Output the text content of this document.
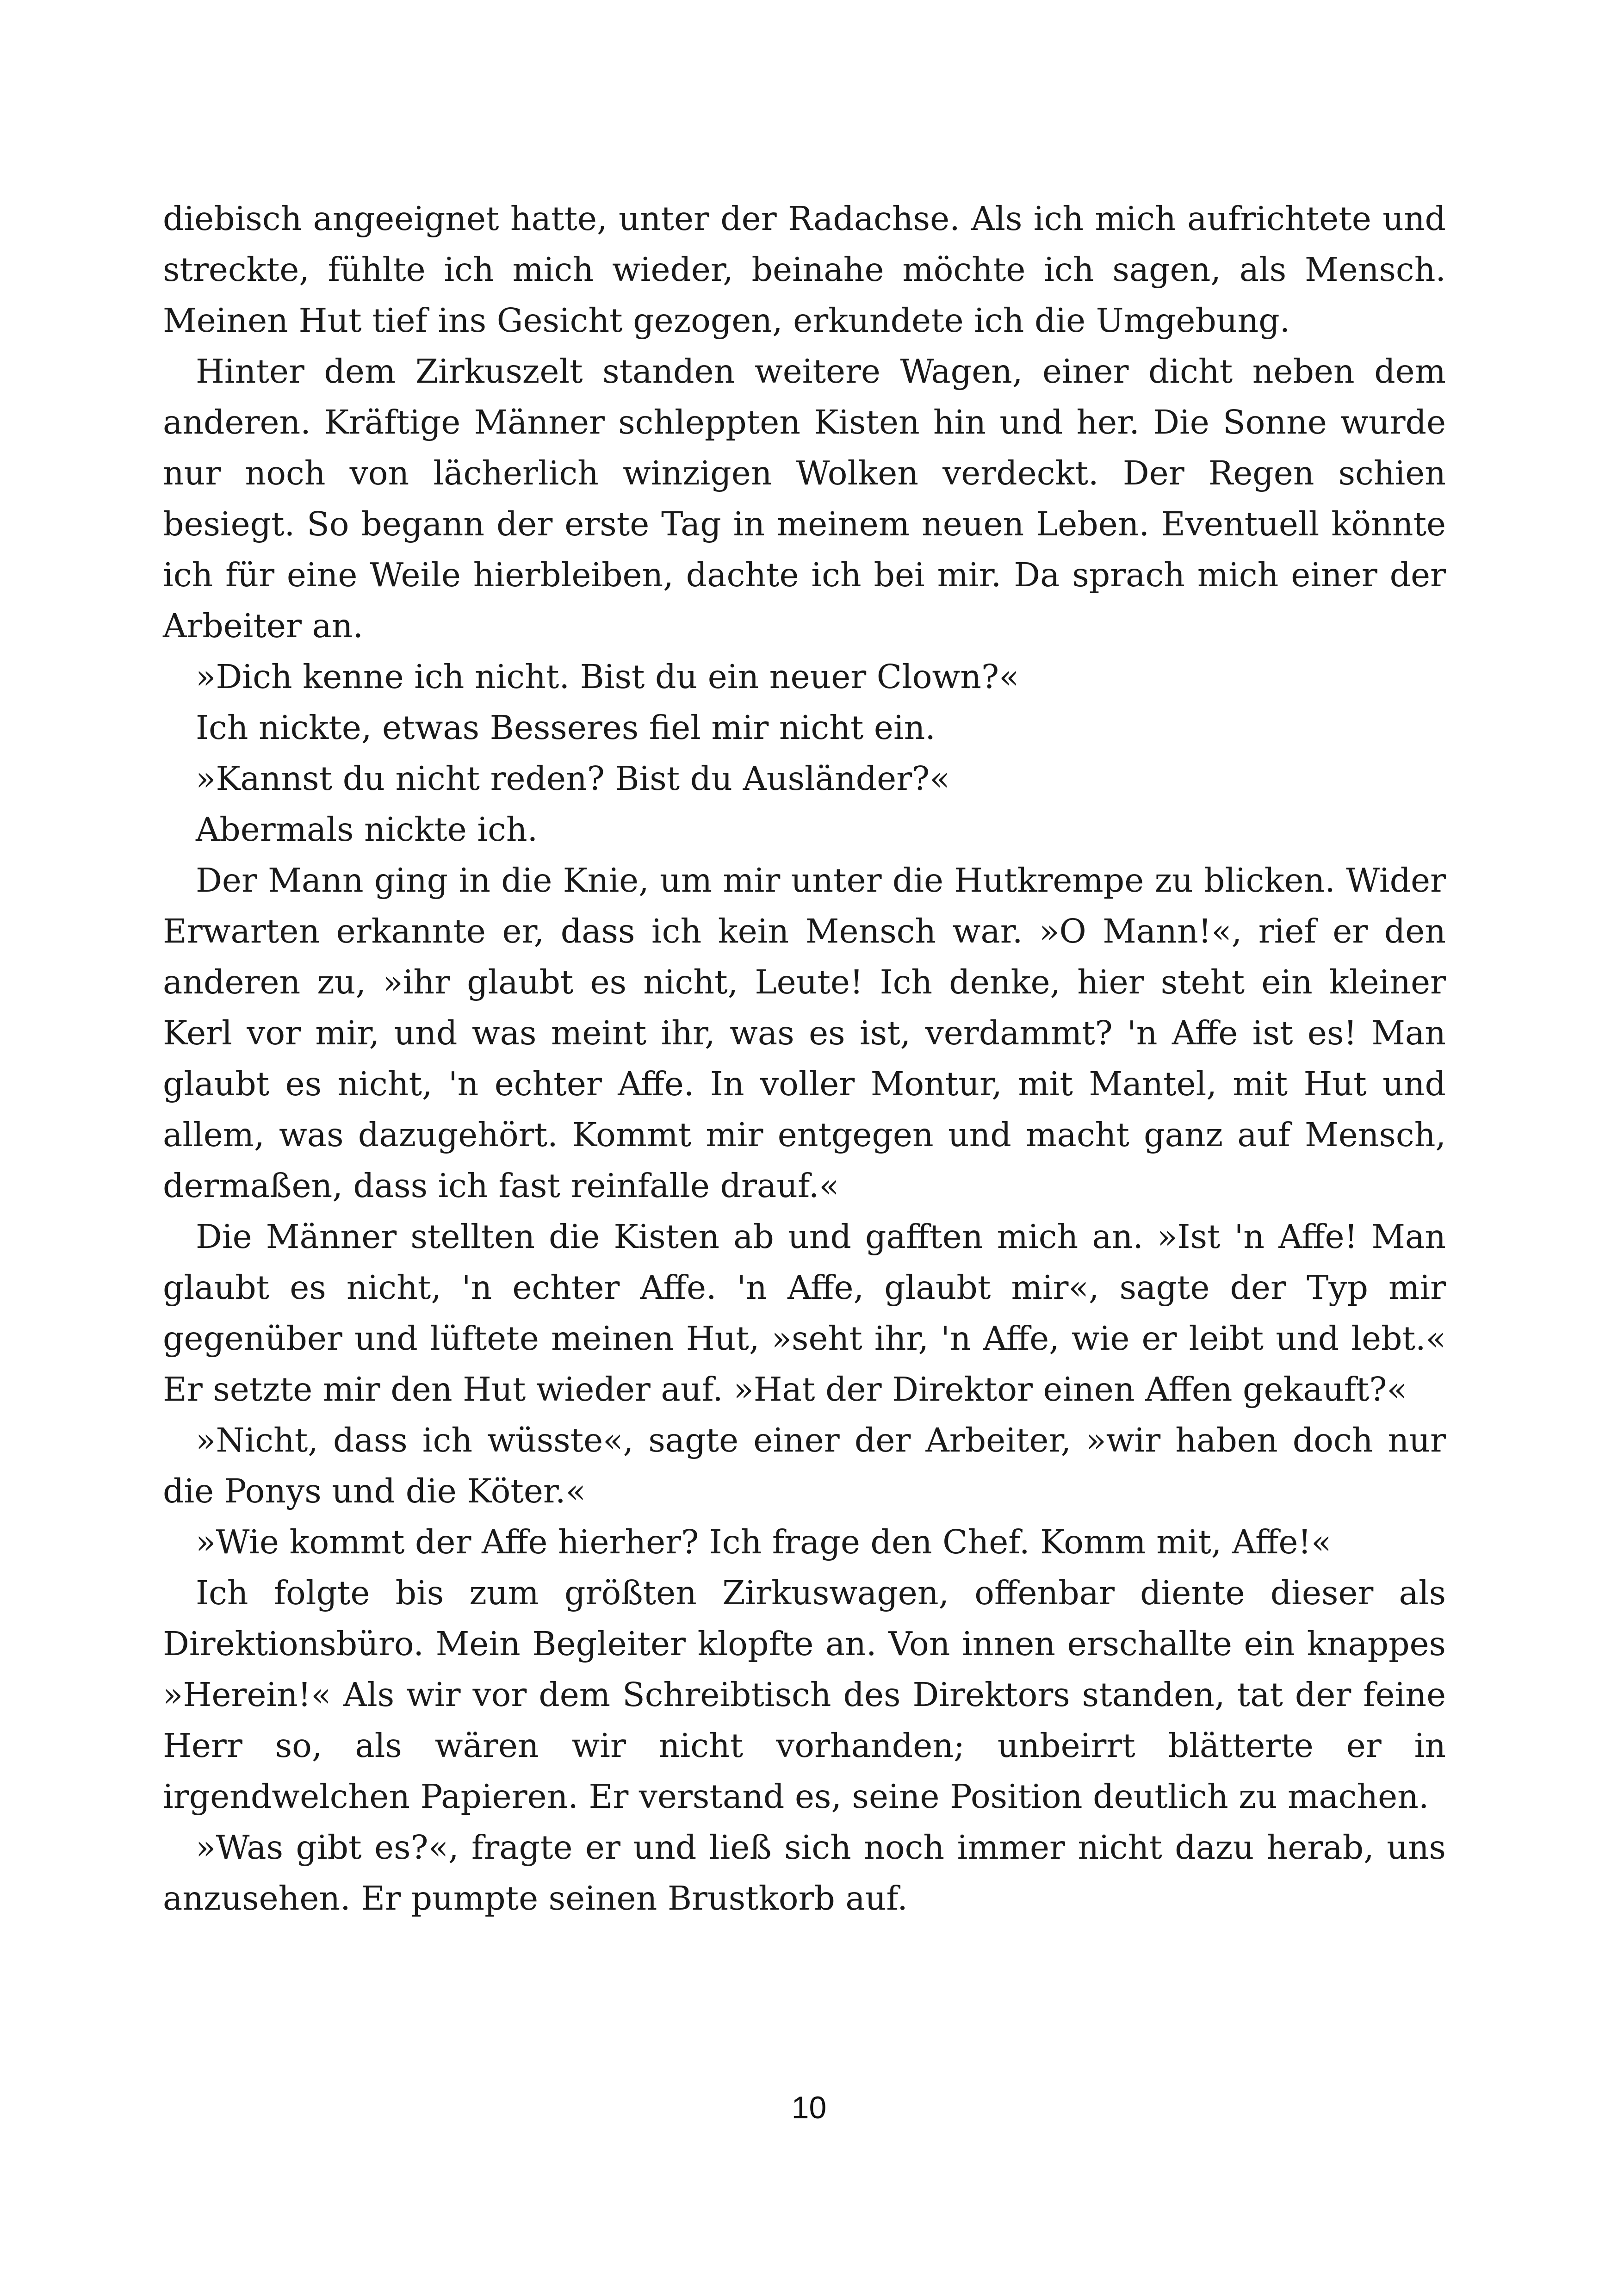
diebisch angeeignet hatte, unter der Radachse. Als ich mich aufrichtete und streckte, fühlte ich mich wieder, beinahe möchte ich sagen, als Mensch. Meinen Hut tief ins Gesicht gezogen, erkundete ich die Umgebung.

Hinter dem Zirkuszelt standen weitere Wagen, einer dicht neben dem anderen. Kräftige Männer schleppten Kisten hin und her. Die Sonne wurde nur noch von lächerlich winzigen Wolken verdeckt. Der Regen schien besiegt. So begann der erste Tag in meinem neuen Leben. Eventuell könnte ich für eine Weile hierbleiben, dachte ich bei mir. Da sprach mich einer der Arbeiter an.

»Dich kenne ich nicht. Bist du ein neuer Clown?«

Ich nickte, etwas Besseres fiel mir nicht ein.

»Kannst du nicht reden? Bist du Ausländer?«

Abermals nickte ich.

Der Mann ging in die Knie, um mir unter die Hutkrempe zu blicken. Wider Erwarten erkannte er, dass ich kein Mensch war. »O Mann!«, rief er den anderen zu, »ihr glaubt es nicht, Leute! Ich denke, hier steht ein kleiner Kerl vor mir, und was meint ihr, was es ist, verdammt? 'n Affe ist es! Man glaubt es nicht, 'n echter Affe. In voller Montur, mit Mantel, mit Hut und allem, was dazugehört. Kommt mir entgegen und macht ganz auf Mensch, dermaßen, dass ich fast reinfalle drauf.«

Die Männer stellten die Kisten ab und gafften mich an. »Ist 'n Affe! Man glaubt es nicht, 'n echter Affe. 'n Affe, glaubt mir«, sagte der Typ mir gegenüber und lüftete meinen Hut, »seht ihr, 'n Affe, wie er leibt und lebt.« Er setzte mir den Hut wieder auf. »Hat der Direktor einen Affen gekauft?«

»Nicht, dass ich wüsste«, sagte einer der Arbeiter, »wir haben doch nur die Ponys und die Köter.«

»Wie kommt der Affe hierher? Ich frage den Chef. Komm mit, Affe!«

Ich folgte bis zum größten Zirkuswagen, offenbar diente dieser als Direktionsbüro. Mein Begleiter klopfte an. Von innen erschallte ein knappes »Herein!« Als wir vor dem Schreibtisch des Direktors standen, tat der feine Herr so, als wären wir nicht vorhanden; unbeirrt blätterte er in irgendwelchen Papieren. Er verstand es, seine Position deutlich zu machen.

»Was gibt es?«, fragte er und ließ sich noch immer nicht dazu herab, uns anzusehen. Er pumpte seinen Brustkorb auf.

10
